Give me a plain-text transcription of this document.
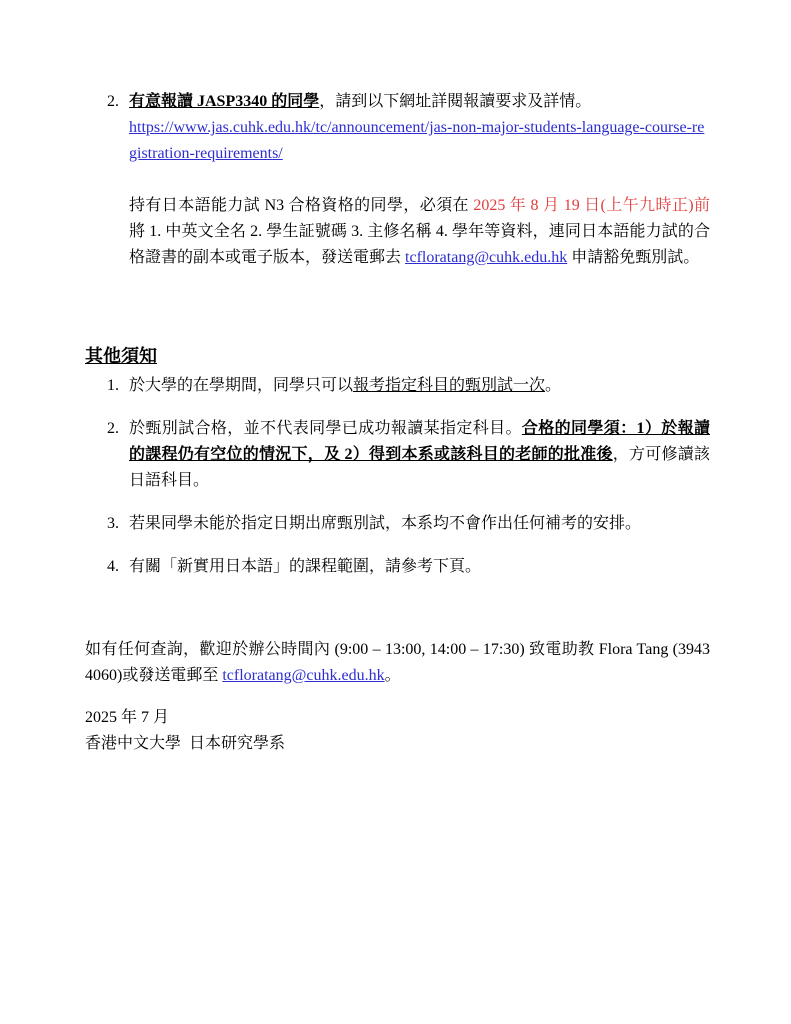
2. 有意報讀 JASP3340 的同學，請到以下網址詳閱報讀要求及詳情。

https://www.jas.cuhk.edu.hk/tc/announcement/jas-non-major-students-language-course-registration-requirements/

持有日本語能力試 N3 合格資格的同學，必須在 2025 年 8 月 19 日(上午九時正)前將 1. 中英文全名 2. 學生証號碼 3. 主修名稱 4. 學年等資料，連同日本語能力試的合格證書的副本或電子版本，發送電郵去 tcfloratang@cuhk.edu.hk 申請豁免甄別試。

其他須知
1. 於大學的在學期間，同學只可以報考指定科目的甄別試一次。

2. 於甄別試合格，並不代表同學已成功報讀某指定科目。合格的同學須：1）於報讀的課程仍有空位的情況下，及 2）得到本系或該科目的老師的批准後，方可修讀該日語科目。

3. 若果同學未能於指定日期出席甄別試，本系均不會作出任何補考的安排。

4. 有關「新實用日本語」的課程範圍，請參考下頁。

如有任何查詢，歡迎於辦公時間內 (9:00 – 13:00, 14:00 – 17:30) 致電助教 Flora Tang (3943 4060)或發送電郵至 tcfloratang@cuhk.edu.hk。

2025 年 7 月

香港中文大學  日本研究學系
